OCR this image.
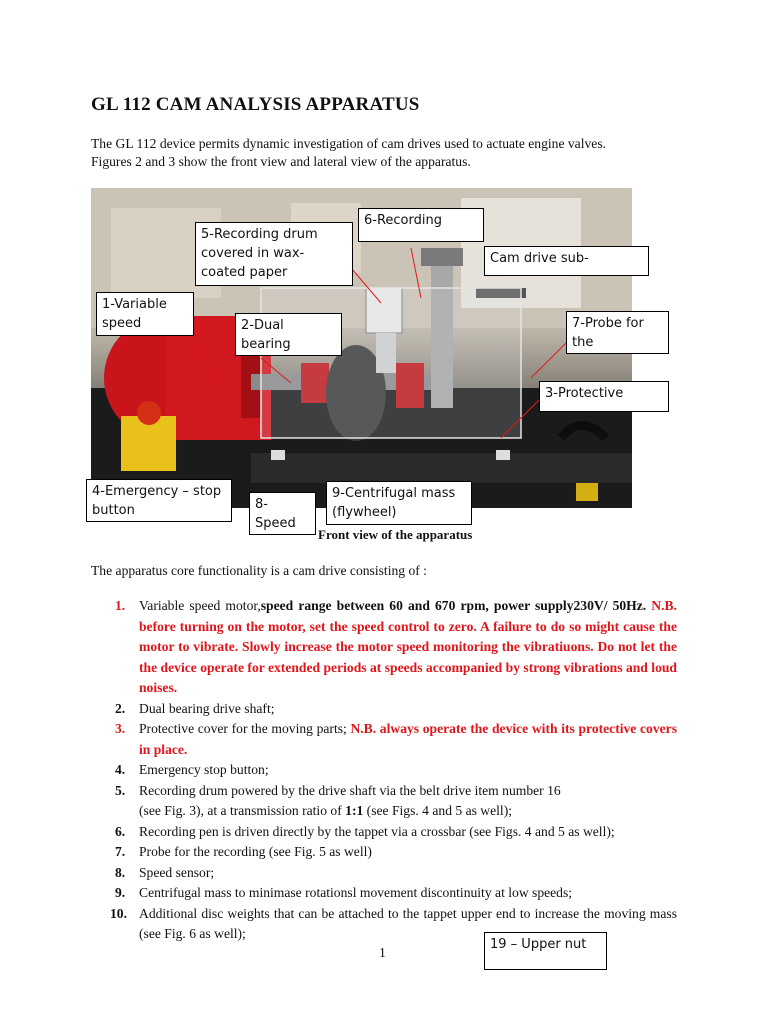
GL 112 CAM ANALYSIS APPARATUS
The GL 112 device permits dynamic investigation of cam drives used to actuate engine valves.
Figures 2 and 3 show the front view and lateral view of the apparatus.
5-Recording drum covered in wax-coated paper
6-Recording
Cam drive sub-
1-Variable speed	2-Dual bearing
7-Probe for the
3-Protective
4-Emergency – stop button	8- Speed
9-Centrifugal mass (flywheel)
Front view of the apparatus
The apparatus core functionality is a cam drive consisting of :
1. Variable speed motor,speed range between 60 and 670 rpm, power supply230V/ 50Hz. N.B. before turning on the motor, set the speed control to zero. A failure to do so might cause the motor to vibrate. Slowly increase the motor speed monitoring the vibratiuons. Do not let the the device operate for extended periods at speeds accompanied by strong vibrations and loud noises.
2. Dual bearing drive shaft;
3. Protective cover for the moving parts; N.B. always operate the device with its protective covers in place.
4. Emergency stop button;
5. Recording drum powered by the drive shaft via the belt drive item number 16
(see Fig. 3), at a transmission ratio of 1:1 (see Figs. 4 and 5 as well);
6. Recording pen is driven directly by the tappet via a crossbar (see Figs. 4 and 5 as well);
7. Probe for the recording (see Fig. 5 as well)
8. Speed sensor;
9. Centrifugal mass to minimase rotationsl movement discontinuity at low speeds;
10. Additional disc weights that can be attached to the tappet upper end to increase the moving mass (see Fig. 6 as well);
1
19 – Upper nut
